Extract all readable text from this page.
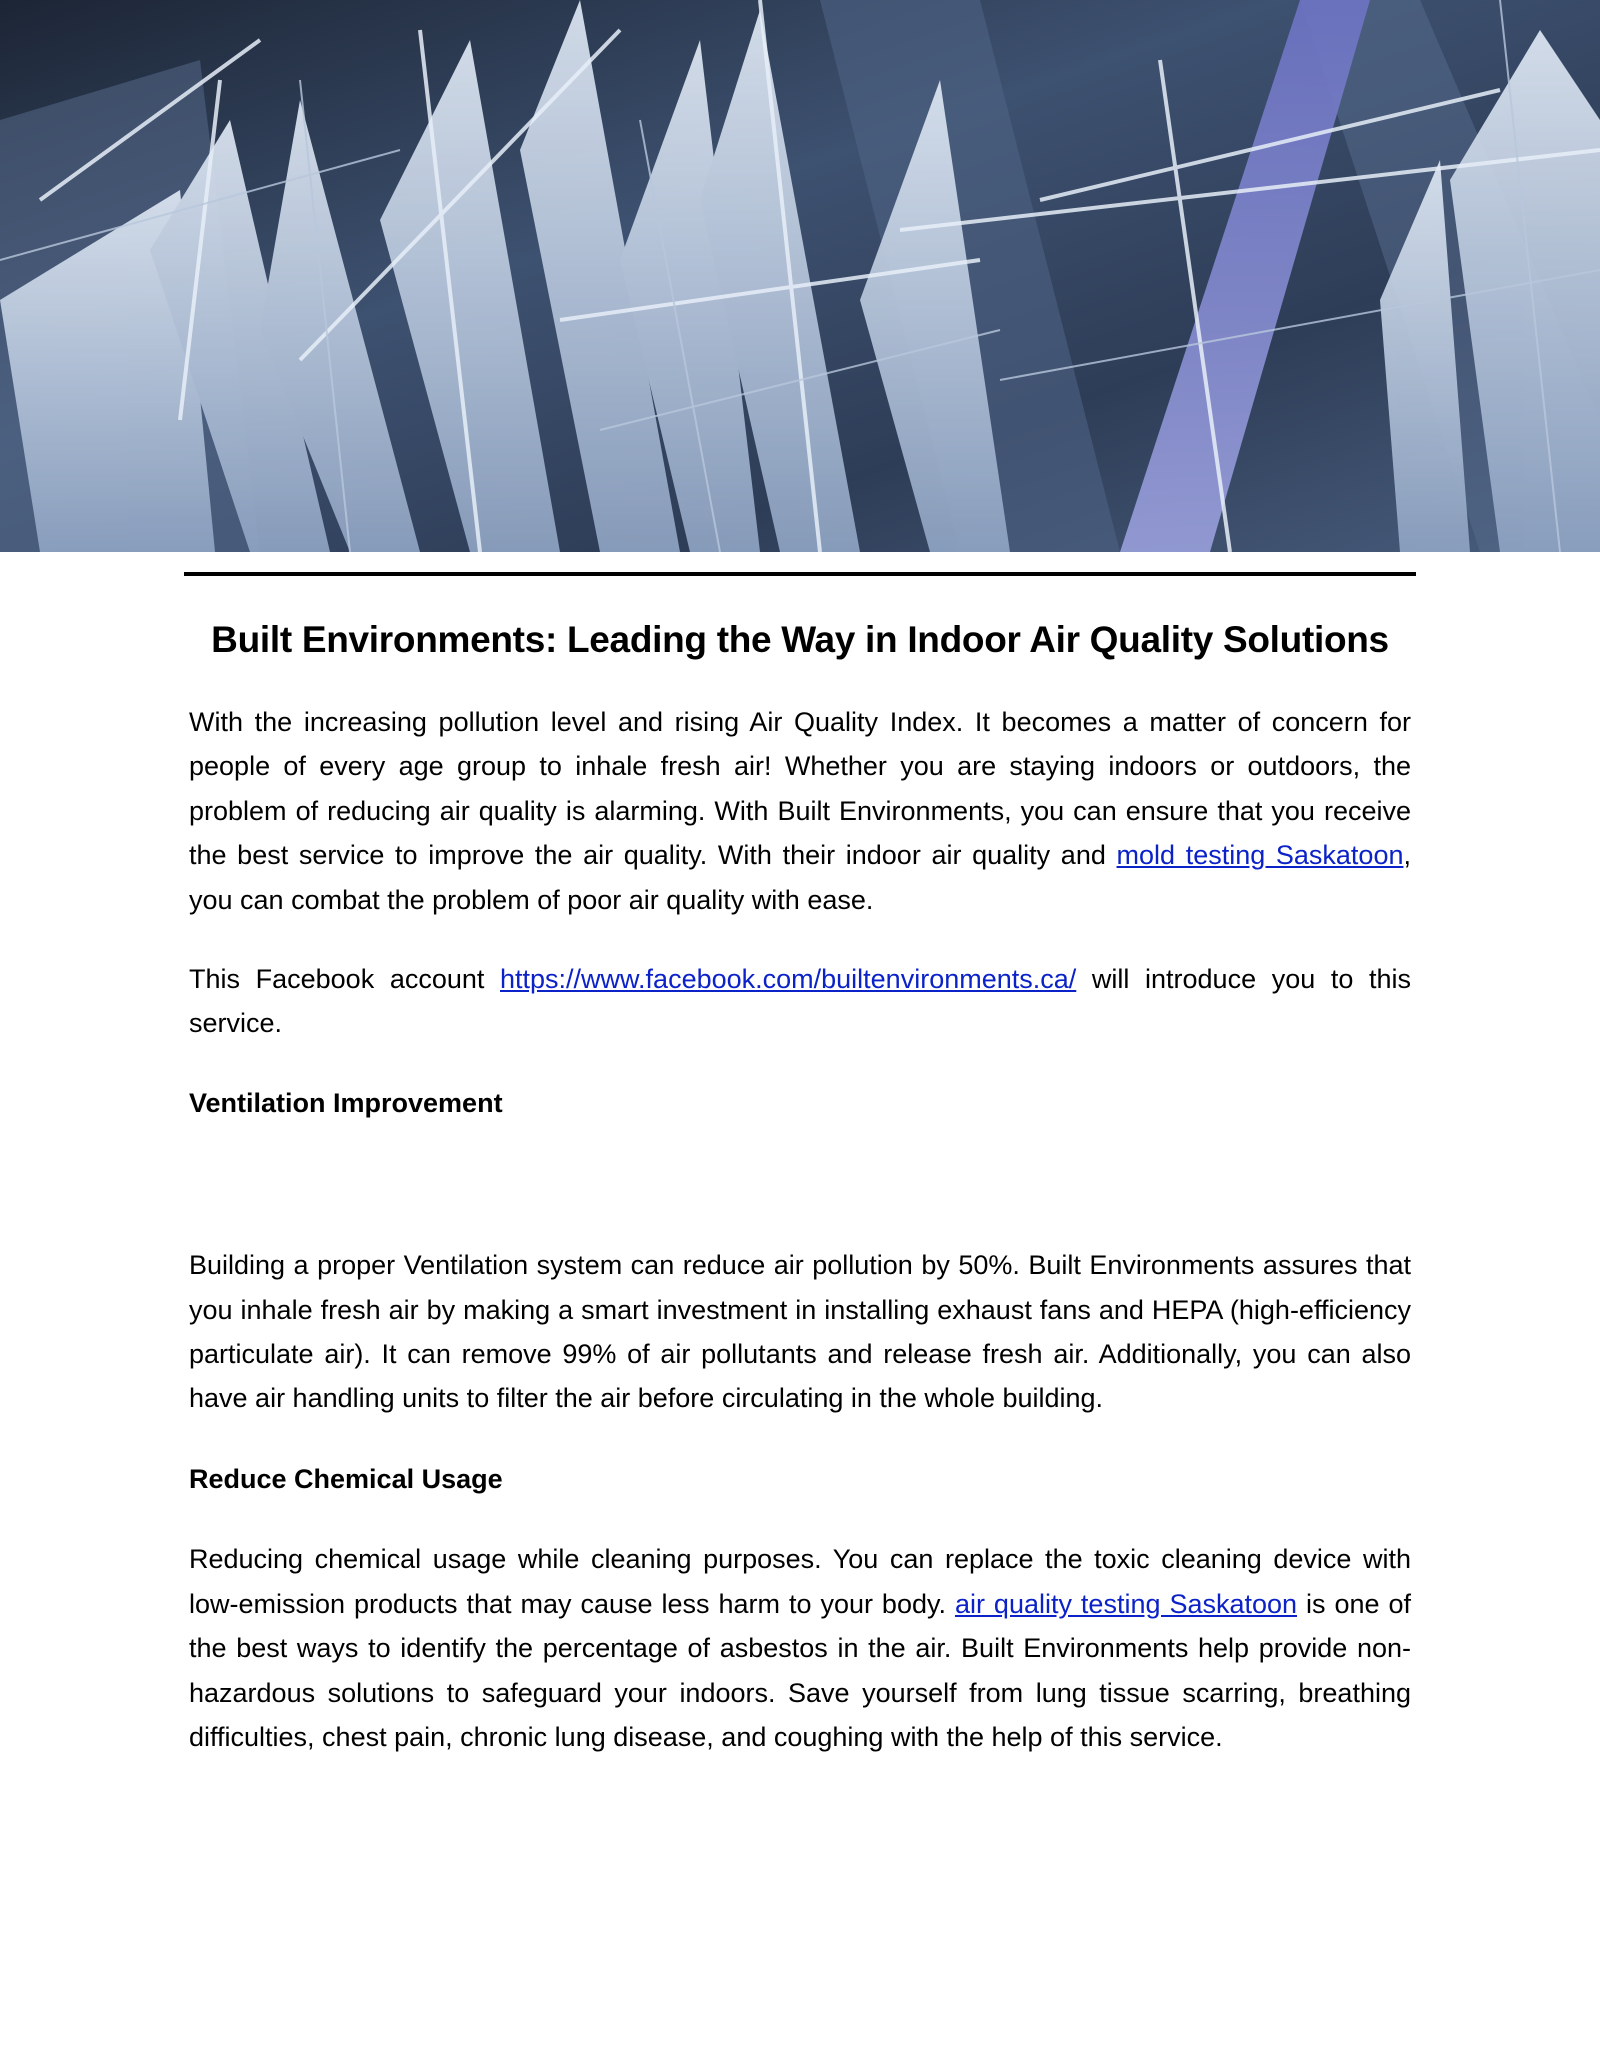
Built Environments: Leading the Way in Indoor Air Quality Solutions

With the increasing pollution level and rising Air Quality Index. It becomes a matter of concern for people of every age group to inhale fresh air! Whether you are staying indoors or outdoors, the problem of reducing air quality is alarming. With Built Environments, you can ensure that you receive the best service to improve the air quality. With their indoor air quality and mold testing Saskatoon, you can combat the problem of poor air quality with ease.

This Facebook account https://www.facebook.com/builtenvironments.ca/ will introduce you to this service.

Ventilation Improvement

Building a proper Ventilation system can reduce air pollution by 50%. Built Environments assures that you inhale fresh air by making a smart investment in installing exhaust fans and HEPA (high-efficiency particulate air). It can remove 99% of air pollutants and release fresh air. Additionally, you can also have air handling units to filter the air before circulating in the whole building.

Reduce Chemical Usage

Reducing chemical usage while cleaning purposes. You can replace the toxic cleaning device with low-emission products that may cause less harm to your body. air quality testing Saskatoon is one of the best ways to identify the percentage of asbestos in the air. Built Environments help provide non-hazardous solutions to safeguard your indoors. Save yourself from lung tissue scarring, breathing difficulties, chest pain, chronic lung disease, and coughing with the help of this service.
